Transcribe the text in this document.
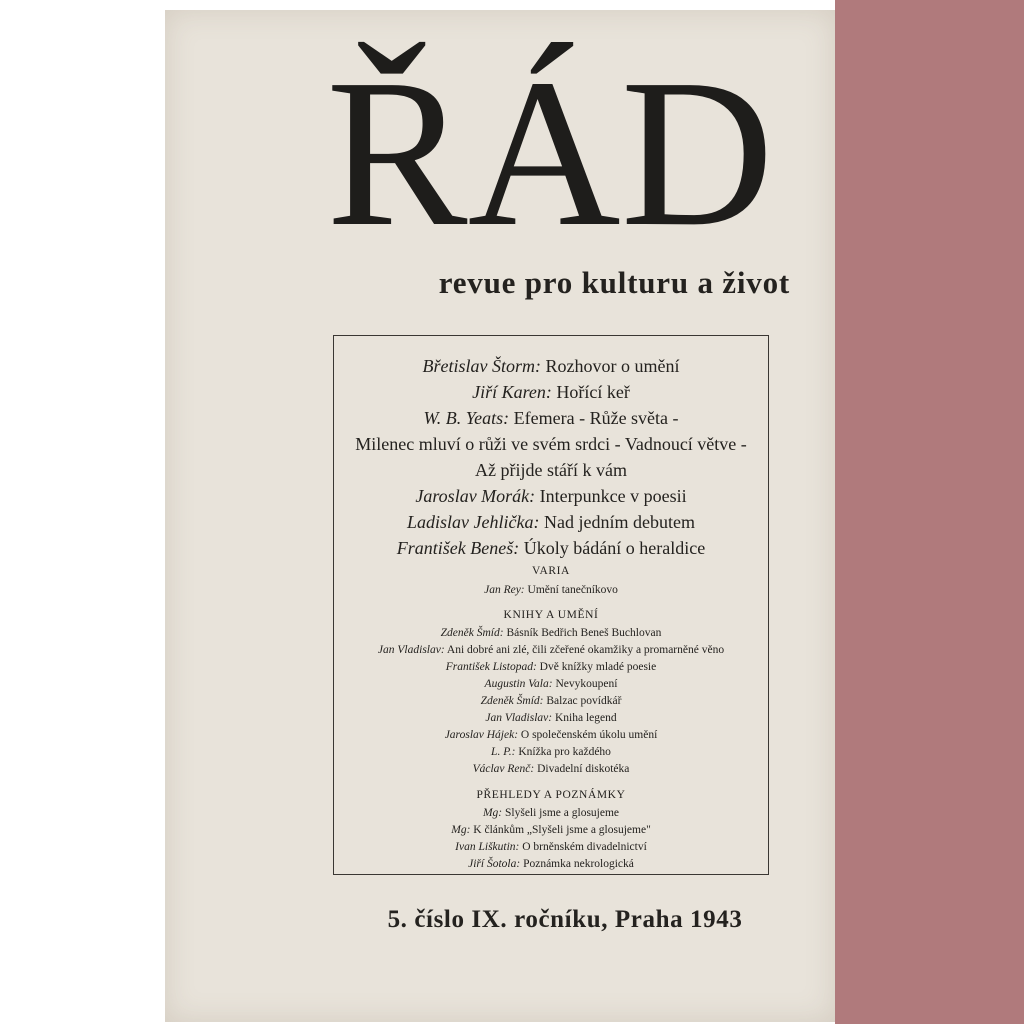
ŘÁD
revue pro kulturu a život
Břetislav Štorm: Rozhovor o umění
Jiří Karen: Hořící keř
W. B. Yeats: Efemera - Růže světa -
Milenec mluví o růži ve svém srdci - Vadnoucí větve -
Až přijde stáří k vám
Jaroslav Morák: Interpunkce v poesii
Ladislav Jehlička: Nad jedním debutem
František Beneš: Úkoly bádání o heraldice
VARIA
Jan Rey: Umění tanečníkovo
KNIHY A UMĚNÍ
Zdeněk Šmíd: Básník Bedřich Beneš Buchlovan
Jan Vladislav: Ani dobré ani zlé, čili zčeřené okamžiky a promarněné věno
František Listopad: Dvě knížky mladé poesie
Augustin Vala: Nevykoupení
Zdeněk Šmíd: Balzac povídkář
Jan Vladislav: Kniha legend
Jaroslav Hájek: O společenském úkolu umění
L. P.: Knížka pro každého
Václav Renč: Divadelní diskotéka
PŘEHLEDY A POZNÁMKY
Mg: Slyšeli jsme a glosujeme
Mg: K článkům „Slyšeli jsme a glosujeme"
Ivan Liškutin: O brněnském divadelnictví
Jiří Šotola: Poznámka nekrologická
5. číslo IX. ročníku, Praha 1943
